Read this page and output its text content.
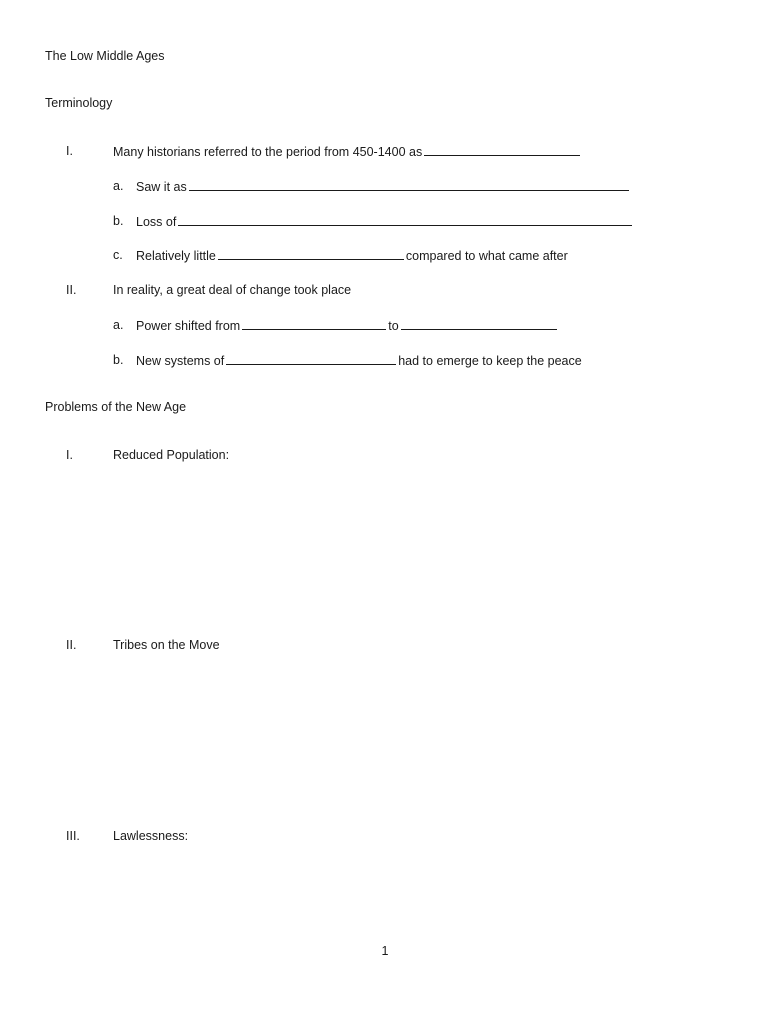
The Low Middle Ages
Terminology
I.	Many historians referred to the period from 450-1400 as
a. Saw it as
b. Loss of
c. Relatively little	compared to what came after
II.	In reality, a great deal of change took place
a. Power shifted from	to
b. New systems of	had to emerge to keep the peace
Problems of the New Age
I.	Reduced Population:
II.	Tribes on the Move
III.	Lawlessness:
1
